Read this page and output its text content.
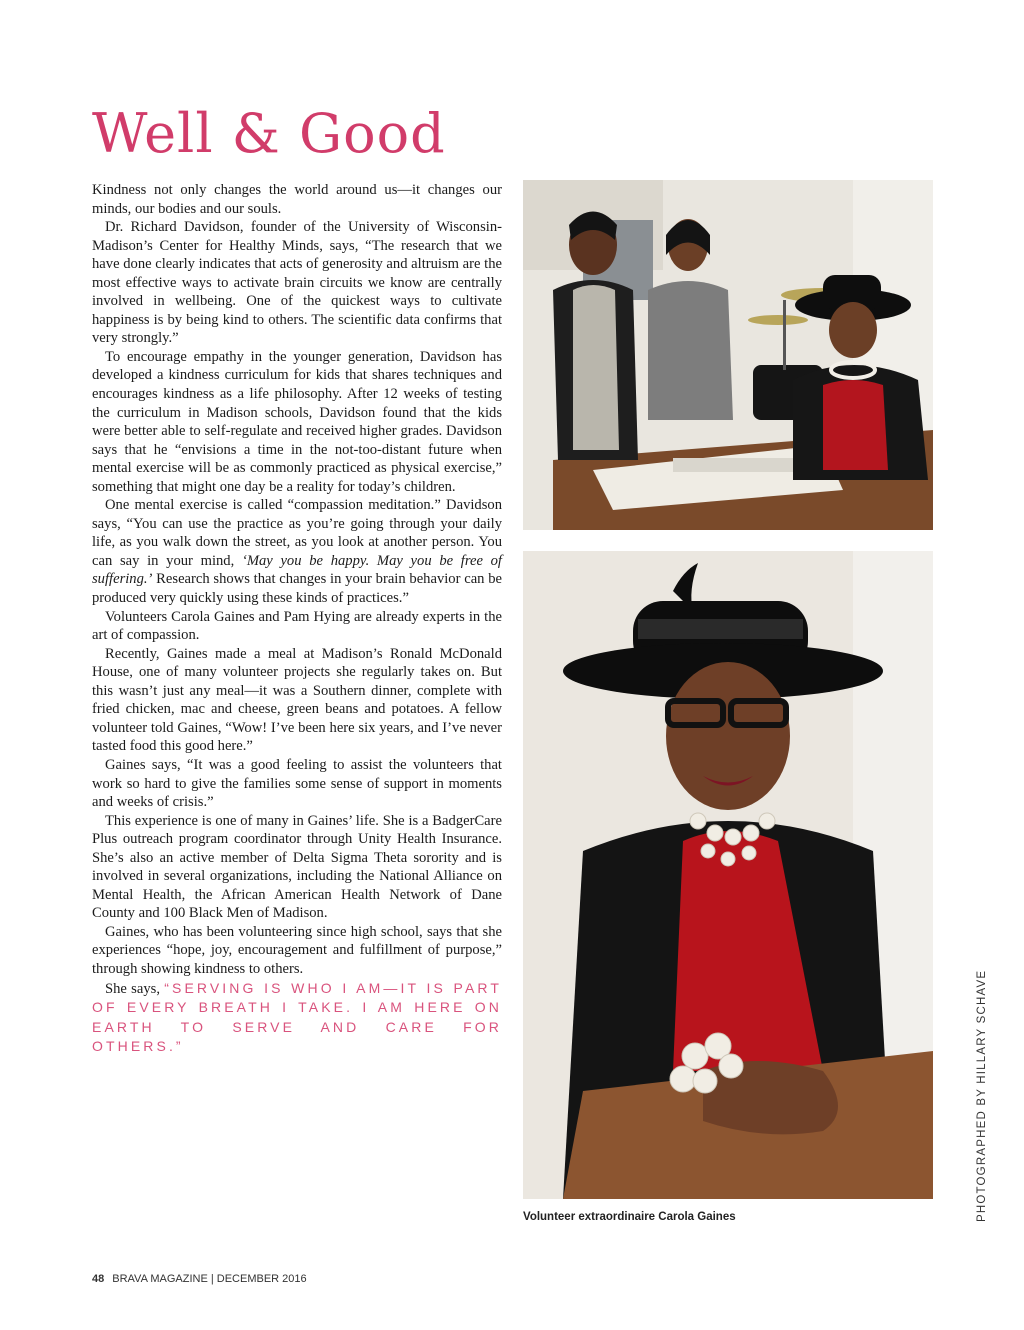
Well & Good

Kindness not only changes the world around us—it changes our minds, our bodies and our souls.

Dr. Richard Davidson, founder of the University of Wisconsin-Madison’s Center for Healthy Minds, says, “The research that we have done clearly indicates that acts of generosity and altruism are the most effective ways to activate brain circuits we know are centrally involved in wellbeing. One of the quickest ways to cultivate happiness is by being kind to others. The scientific data confirms that very strongly.”

To encourage empathy in the younger generation, Davidson has developed a kindness curriculum for kids that shares techniques and encourages kindness as a life philosophy. After 12 weeks of testing the curriculum in Madison schools, Davidson found that the kids were better able to self-regulate and received higher grades. Davidson says that he “envisions a time in the not-too-distant future when mental exercise will be as commonly practiced as physical exercise,” something that might one day be a reality for today’s children.

One mental exercise is called “compassion meditation.” Davidson says, “You can use the practice as you’re going through your daily life, as you walk down the street, as you look at another person. You can say in your mind, ‘May you be happy. May you be free of suffering.’ Research shows that changes in your brain behavior can be produced very quickly using these kinds of practices.”

Volunteers Carola Gaines and Pam Hying are already experts in the art of compassion.

Recently, Gaines made a meal at Madison’s Ronald McDonald House, one of many volunteer projects she regularly takes on. But this wasn’t just any meal—it was a Southern dinner, complete with fried chicken, mac and cheese, green beans and potatoes. A fellow volunteer told Gaines, “Wow! I’ve been here six years, and I’ve never tasted food this good here.”

Gaines says, “It was a good feeling to assist the volunteers that work so hard to give the families some sense of support in moments and weeks of crisis.”

This experience is one of many in Gaines’ life. She is a BadgerCare Plus outreach program coordinator through Unity Health Insurance. She’s also an active member of Delta Sigma Theta sorority and is involved in several organizations, including the National Alliance on Mental Health, the African American Health Network of Dane County and 100 Black Men of Madison.

Gaines, who has been volunteering since high school, says that she experiences “hope, joy, encouragement and fulfillment of purpose,” through showing kindness to others.

She says, “SERVING IS WHO I AM—IT IS PART OF EVERY BREATH I TAKE. I AM HERE ON EARTH TO SERVE AND CARE FOR OTHERS.”

Volunteer extraordinaire Carola Gaines	PHOTOGRAPHED BY HILLARY SCHAVE
48 BRAVA MAGAZINE | DECEMBER 2016
